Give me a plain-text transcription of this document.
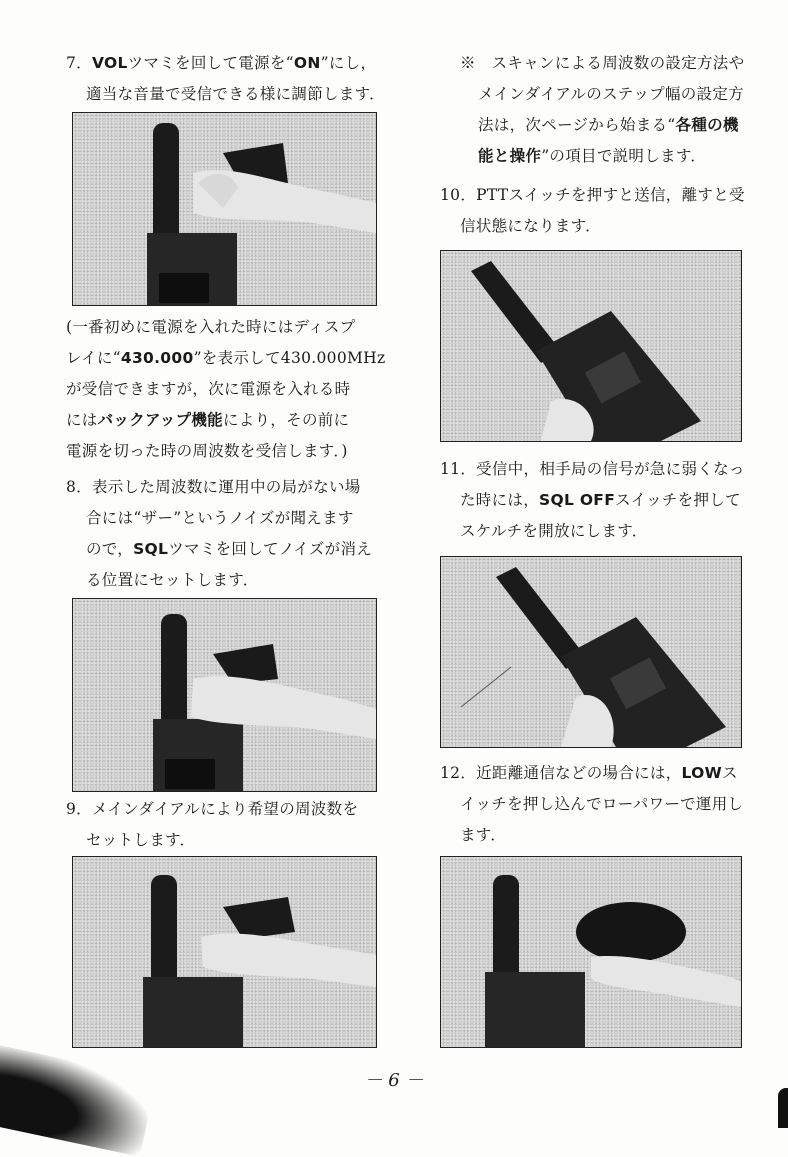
7．VOLツマミを回して電源を“ON”にし，
適当な音量で受信できる様に調節します．
(一番初めに電源を入れた時にはディスプ
レイに“430.000”を表示して430.000MHz
が受信できますが，次に電源を入れる時
にはバックアップ機能により，その前に
電源を切った時の周波数を受信します．)
8．表示した周波数に運用中の局がない場
合には“ザー”というノイズが聞えます
ので，SQLツマミを回してノイズが消え
る位置にセットします．
9．メインダイアルにより希望の周波数を
セットします．
※　スキャンによる周波数の設定方法や
メインダイアルのステップ幅の設定方
法は，次ページから始まる“各種の機
能と操作”の項目で説明します．
10．PTTスイッチを押すと送信，離すと受
信状態になります．
11．受信中，相手局の信号が急に弱くなっ
た時には，SQL OFFスイッチを押して
スケルチを開放にします．
12．近距離通信などの場合には，LOWス
イッチを押し込んでローパワーで運用し
ます．
－ 6 －
